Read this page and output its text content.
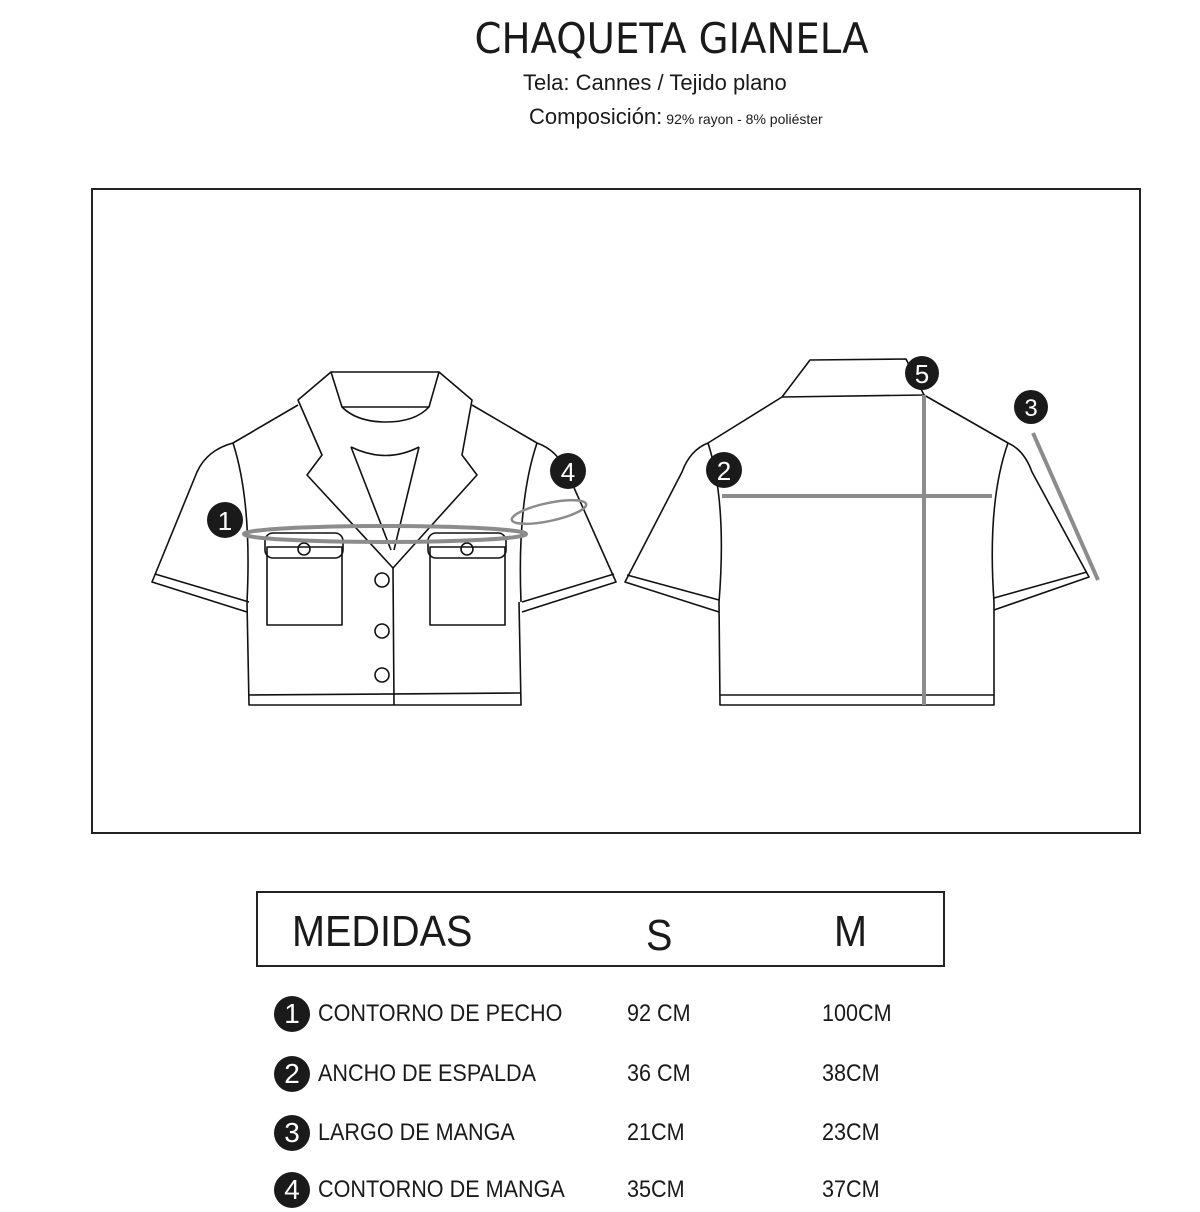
CHAQUETA GIANELA
Tela: Cannes / Tejido plano
Composición: 92% rayon - 8% poliéster
1
4	2
5
3
MEDIDAS	S	M
1 CONTORNO DE PECHO	92 CM	100CM
2 ANCHO DE ESPALDA	36 CM	38CM
3 LARGO DE MANGA	21CM	23CM
4 CONTORNO DE MANGA	35CM	37CM
